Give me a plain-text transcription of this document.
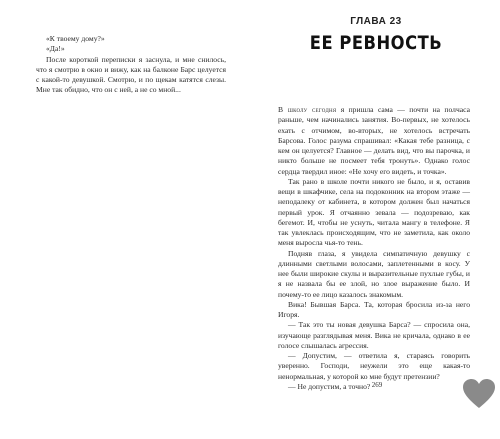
«К твоему дому?»

«Да!»

После короткой переписки я заснула, и мне снилось, что я смотрю в окно и вижу, как на балконе Барс целуется с какой-то девушкой. Смотрю, и по щекам катятся слезы. Мне так обидно, что он с ней, а не со мной...

ГЛАВА 23
ЕЕ РЕВНОСТЬ

В школу сегодня я пришла сама — почти на полчаса раньше, чем начинались занятия. Во-первых, не хотелось ехать с отчимом, во-вторых, не хотелось встречать Барсова. Голос разума спрашивал: «Какая тебе разница, с кем он целуется? Главное — делать вид, что вы парочка, и никто больше не посмеет тебя тронуть». Однако голос сердца твердил иное: «Не хочу его видеть, и точка».

Так рано в школе почти никого не было, и я, оставив вещи в шкафчике, села на подоконник на втором этаже — неподалеку от кабинета, в котором должен был начаться первый урок. Я отчаянно зевала — подозреваю, как бегемот. И, чтобы не уснуть, читала мангу в телефоне. Я так увлеклась происходящим, что не заметила, как около меня выросла чья-то тень.

Подняв глаза, я увидела симпатичную девушку с длинными светлыми волосами, заплетенными в косу. У нее были широкие скулы и выразительные пухлые губы, и я не назвала бы ее злой, но злое выражение было. И почему-то ее лицо казалось знакомым.

Вика! Бывшая Барса. Та, которая бросила из-за него Игоря.

— Так это ты новая девушка Барса? — спросила она, изучающе разглядывая меня. Вика не кричала, однако в ее голосе слышалась агрессия.

— Допустим, — ответила я, стараясь говорить уверенно. Господи, неужели это еще какая-то ненормальная, у которой ко мне будут претензии?

— Не допустим, а точно? 269
